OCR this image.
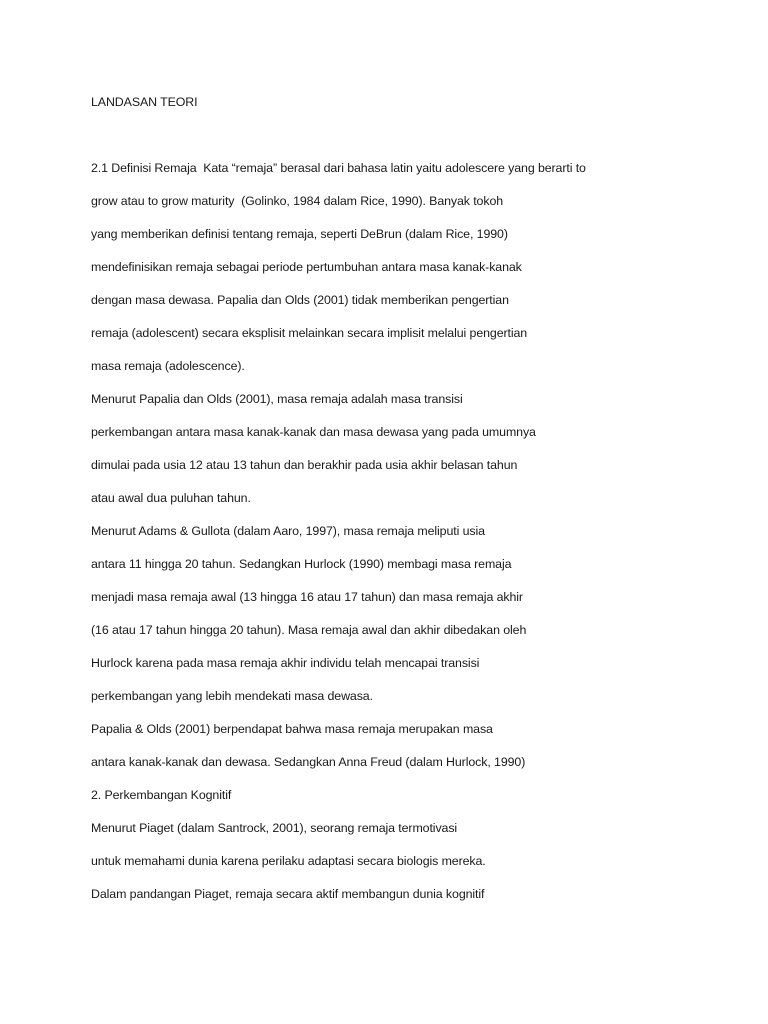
LANDASAN TEORI
2.1 Definisi Remaja  Kata “remaja” berasal dari bahasa latin yaitu adolescere yang berarti to
grow atau to grow maturity  (Golinko, 1984 dalam Rice, 1990). Banyak tokoh
yang memberikan definisi tentang remaja, seperti DeBrun (dalam Rice, 1990)
mendefinisikan remaja sebagai periode pertumbuhan antara masa kanak-kanak
dengan masa dewasa. Papalia dan Olds (2001) tidak memberikan pengertian
remaja (adolescent) secara eksplisit melainkan secara implisit melalui pengertian
masa remaja (adolescence).
Menurut Papalia dan Olds (2001), masa remaja adalah masa transisi
perkembangan antara masa kanak-kanak dan masa dewasa yang pada umumnya
dimulai pada usia 12 atau 13 tahun dan berakhir pada usia akhir belasan tahun
atau awal dua puluhan tahun.
Menurut Adams & Gullota (dalam Aaro, 1997), masa remaja meliputi usia
antara 11 hingga 20 tahun. Sedangkan Hurlock (1990) membagi masa remaja
menjadi masa remaja awal (13 hingga 16 atau 17 tahun) dan masa remaja akhir
(16 atau 17 tahun hingga 20 tahun). Masa remaja awal dan akhir dibedakan oleh
Hurlock karena pada masa remaja akhir individu telah mencapai transisi
perkembangan yang lebih mendekati masa dewasa.
Papalia & Olds (2001) berpendapat bahwa masa remaja merupakan masa
antara kanak-kanak dan dewasa. Sedangkan Anna Freud (dalam Hurlock, 1990)
2. Perkembangan Kognitif
Menurut Piaget (dalam Santrock, 2001), seorang remaja termotivasi
untuk memahami dunia karena perilaku adaptasi secara biologis mereka.
Dalam pandangan Piaget, remaja secara aktif membangun dunia kognitif
